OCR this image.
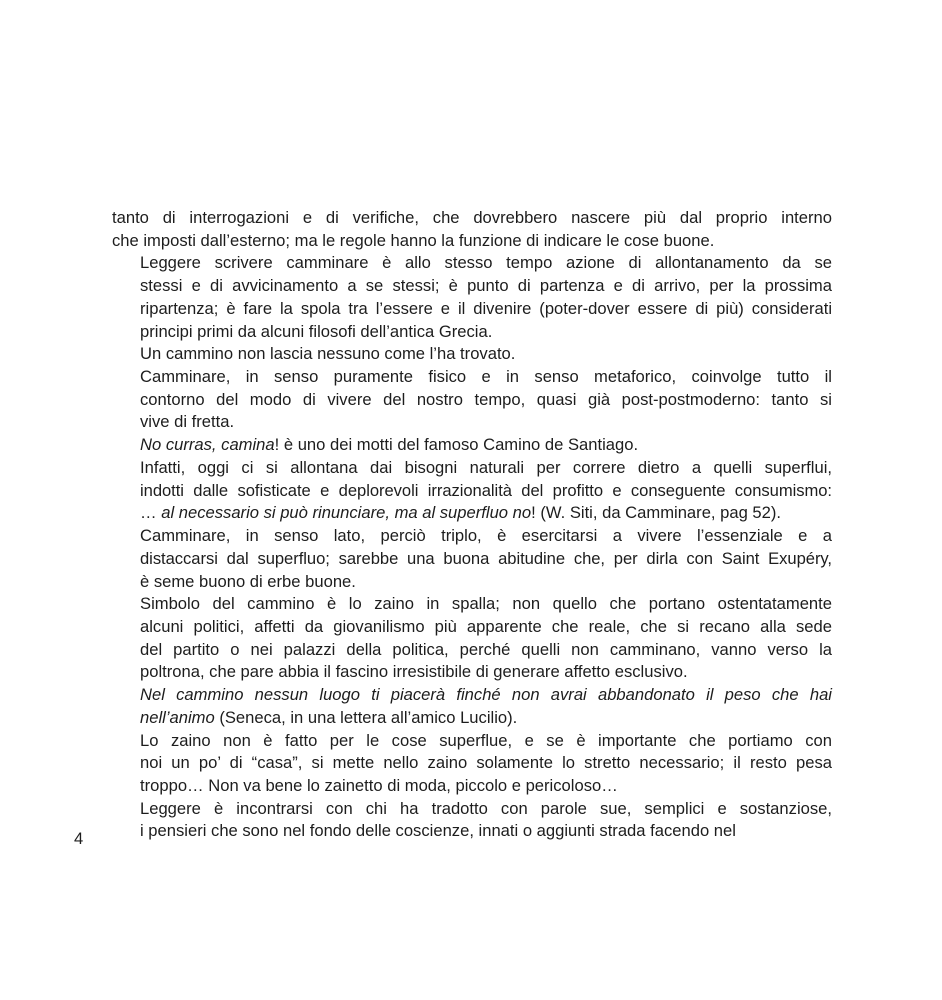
tanto di interrogazioni e di verifiche, che dovrebbero nascere più dal proprio interno
che imposti dall’esterno; ma le regole hanno la funzione di indicare le cose buone.
Leggere scrivere camminare è allo stesso tempo azione di allontanamento da se
stessi e di avvicinamento a se stessi; è punto di partenza e di arrivo, per la prossima
ripartenza; è fare la spola tra l’essere e il divenire (poter-dover essere di più) considerati
principi primi da alcuni filosofi dell’antica Grecia.
Un cammino non lascia nessuno come l’ha trovato.
Camminare, in senso puramente fisico e in senso metaforico, coinvolge tutto il
contorno del modo di vivere del nostro tempo, quasi già post-postmoderno: tanto si
vive di fretta.
No curras, camina! è uno dei motti del famoso Camino de Santiago.
Infatti, oggi ci si allontana dai bisogni naturali per correre dietro a quelli superflui,
indotti dalle sofisticate e deplorevoli irrazionalità del profitto e conseguente consumismo:
… al necessario si può rinunciare, ma al superfluo no! (W. Siti, da Camminare, pag 52).
Camminare, in senso lato, perciò triplo, è esercitarsi a vivere l’essenziale e a
distaccarsi dal superfluo; sarebbe una buona abitudine che, per dirla con Saint Exupéry,
è seme buono di erbe buone.
Simbolo del cammino è lo zaino in spalla; non quello che portano ostentatamente
alcuni politici, affetti da giovanilismo più apparente che reale, che si recano alla sede
del partito o nei palazzi della politica, perché quelli non camminano, vanno verso la
poltrona, che pare abbia il fascino irresistibile di generare affetto esclusivo.
Nel cammino nessun luogo ti piacerà finché non avrai abbandonato il peso che hai
nell’animo (Seneca, in una lettera all’amico Lucilio).
Lo zaino non è fatto per le cose superflue, e se è importante che portiamo con
noi un po’ di “casa”, si mette nello zaino solamente lo stretto necessario; il resto pesa
troppo… Non va bene lo zainetto di moda, piccolo e pericoloso…
Leggere è incontrarsi con chi ha tradotto con parole sue, semplici e sostanziose,
i pensieri che sono nel fondo delle coscienze, innati o aggiunti strada facendo nel
4
